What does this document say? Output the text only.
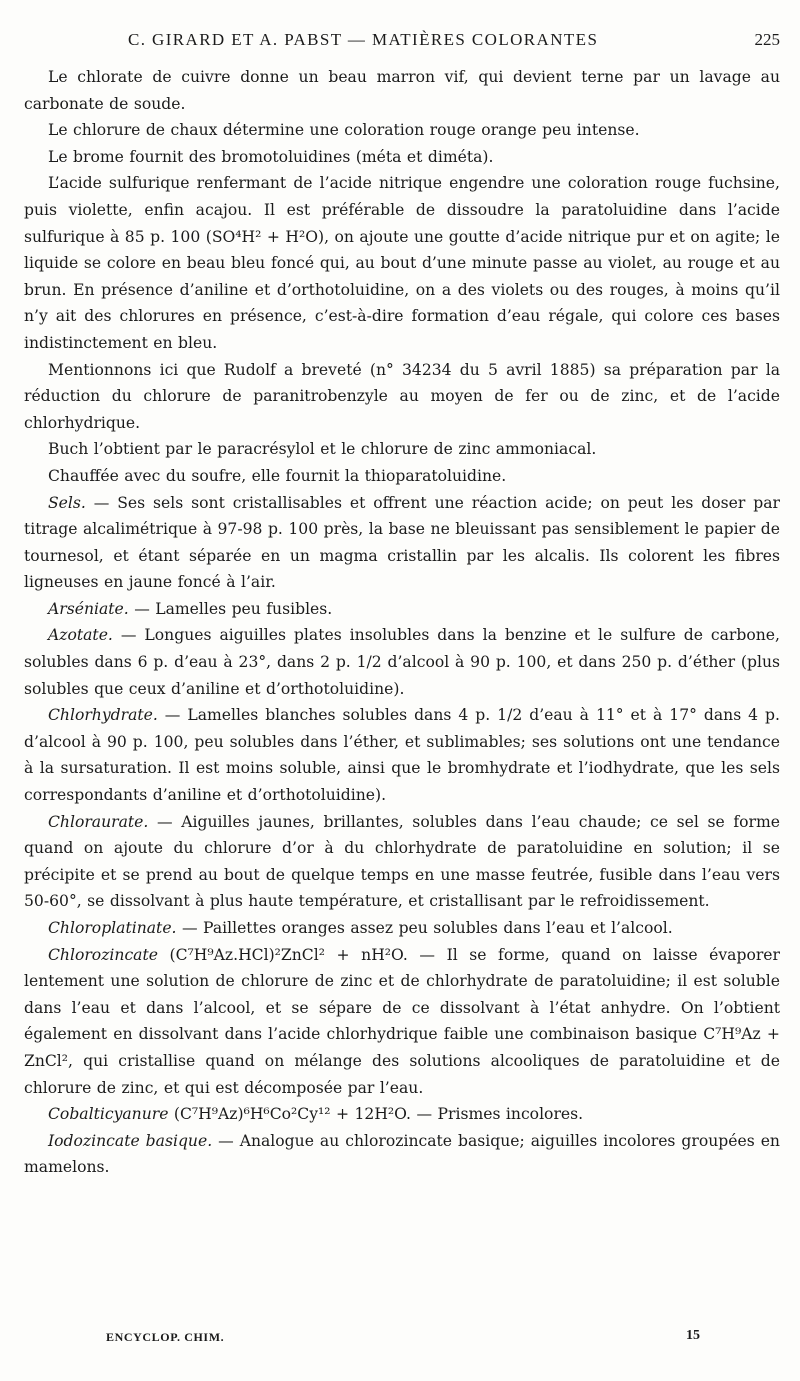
C. GIRARD ET A. PABST — MATIÈRES COLORANTES	225

Le chlorate de cuivre donne un beau marron vif, qui devient terne par un lavage au carbonate de soude.

Le chlorure de chaux détermine une coloration rouge orange peu intense.

Le brome fournit des bromotoluidines (méta et diméta).

L’acide sulfurique renfermant de l’acide nitrique engendre une coloration rouge fuchsine, puis violette, enfin acajou. Il est préférable de dissoudre la paratoluidine dans l’acide sulfurique à 85 p. 100 (SO⁴H² + H²O), on ajoute une goutte d’acide nitrique pur et on agite; le liquide se colore en beau bleu foncé qui, au bout d’une minute passe au violet, au rouge et au brun. En présence d’aniline et d’orthotoluidine, on a des violets ou des rouges, à moins qu’il n’y ait des chlorures en présence, c’est-à-dire formation d’eau régale, qui colore ces bases indistinctement en bleu.

Mentionnons ici que Rudolf a breveté (n° 34234 du 5 avril 1885) sa préparation par la réduction du chlorure de paranitrobenzyle au moyen de fer ou de zinc, et de l’acide chlorhydrique.

Buch l’obtient par le paracrésylol et le chlorure de zinc ammoniacal.

Chauffée avec du soufre, elle fournit la thioparatoluidine.

Sels. — Ses sels sont cristallisables et offrent une réaction acide; on peut les doser par titrage alcalimétrique à 97-98 p. 100 près, la base ne bleuissant pas sensiblement le papier de tournesol, et étant séparée en un magma cristallin par les alcalis. Ils colorent les fibres ligneuses en jaune foncé à l’air.

Arséniate. — Lamelles peu fusibles.

Azotate. — Longues aiguilles plates insolubles dans la benzine et le sulfure de carbone, solubles dans 6 p. d’eau à 23°, dans 2 p. 1/2 d’alcool à 90 p. 100, et dans 250 p. d’éther (plus solubles que ceux d’aniline et d’orthotoluidine).

Chlorhydrate. — Lamelles blanches solubles dans 4 p. 1/2 d’eau à 11° et à 17° dans 4 p. d’alcool à 90 p. 100, peu solubles dans l’éther, et sublimables; ses solutions ont une tendance à la sursaturation. Il est moins soluble, ainsi que le bromhydrate et l’iodhydrate, que les sels correspondants d’aniline et d’orthotoluidine).

Chloraurate. — Aiguilles jaunes, brillantes, solubles dans l’eau chaude; ce sel se forme quand on ajoute du chlorure d’or à du chlorhydrate de paratoluidine en solution; il se précipite et se prend au bout de quelque temps en une masse feutrée, fusible dans l’eau vers 50-60°, se dissolvant à plus haute température, et cristallisant par le refroidissement.

Chloroplatinate. — Paillettes oranges assez peu solubles dans l’eau et l’alcool.

Chlorozincate (C⁷H⁹Az.HCl)²ZnCl² + nH²O. — Il se forme, quand on laisse évaporer lentement une solution de chlorure de zinc et de chlorhydrate de paratoluidine; il est soluble dans l’eau et dans l’alcool, et se sépare de ce dissolvant à l’état anhydre. On l’obtient également en dissolvant dans l’acide chlorhydrique faible une combinaison basique C⁷H⁹Az + ZnCl², qui cristallise quand on mélange des solutions alcooliques de paratoluidine et de chlorure de zinc, et qui est décomposée par l’eau.

Cobalticyanure (C⁷H⁹Az)⁶H⁶Co²Cy¹² + 12H²O. — Prismes incolores.

Iodozincate basique. — Analogue au chlorozincate basique; aiguilles incolores groupées en mamelons.

ENCYCLOP. CHIM.	15
